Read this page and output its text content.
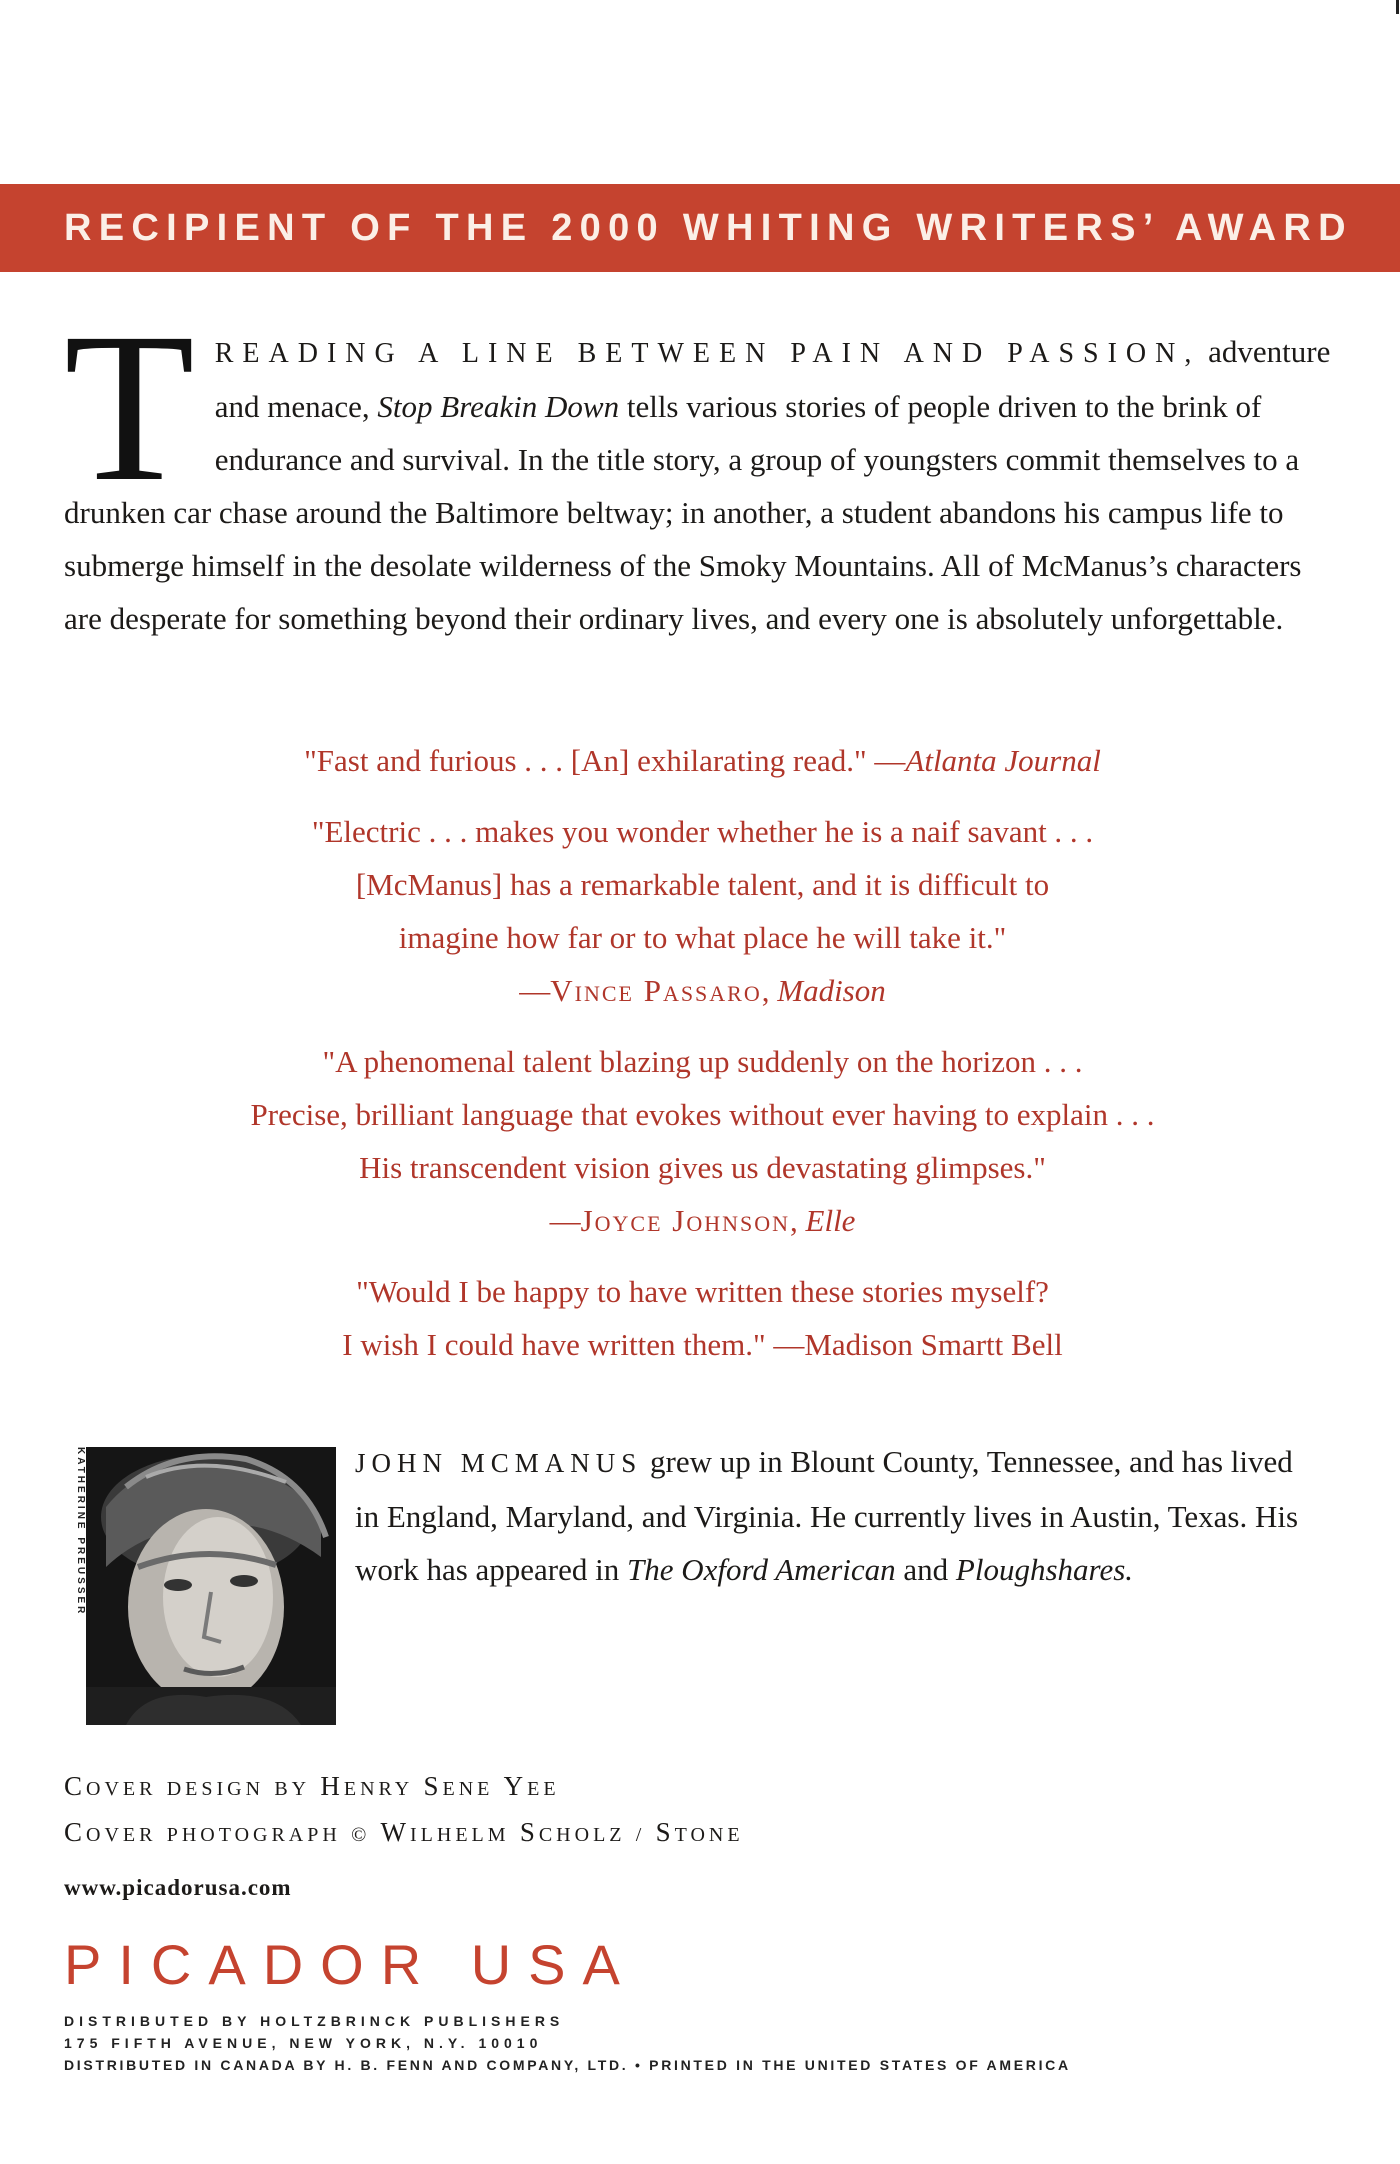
RECIPIENT OF THE 2000 WHITING WRITERS’ AWARD
TREADING A LINE BETWEEN PAIN AND PASSION, adventure and menace, Stop Breakin Down tells various stories of people driven to the brink of endurance and survival. In the title story, a group of youngsters commit themselves to a drunken car chase around the Baltimore beltway; in another, a student abandons his campus life to submerge himself in the desolate wilderness of the Smoky Mountains. All of McManus’s characters are desperate for something beyond their ordinary lives, and every one is absolutely unforgettable.

"Fast and furious . . . [An] exhilarating read." —Atlanta Journal

"Electric . . . makes you wonder whether he is a naif savant . . .

[McManus] has a remarkable talent, and it is difficult to

imagine how far or to what place he will take it."

—Vince Passaro, Madison

"A phenomenal talent blazing up suddenly on the horizon . . .

Precise, brilliant language that evokes without ever having to explain . . .

His transcendent vision gives us devastating glimpses."

—Joyce Johnson, Elle

"Would I be happy to have written these stories myself?

I wish I could have written them." —Madison Smartt Bell

KATHERINE PREUSSER	JOHN MCMANUS grew up in Blount County, Tennessee, and has lived in England, Maryland, and Virginia. He currently lives in Austin, Texas. His work has appeared in The Oxford American and Ploughshares.
COVER DESIGN BY HENRY SENE YEE
COVER PHOTOGRAPH © WILHELM SCHOLZ / STONE
www.picadorusa.com
PICADOR USA
DISTRIBUTED BY HOLTZBRINCK PUBLISHERS
175 FIFTH AVENUE, NEW YORK, N.Y. 10010
DISTRIBUTED IN CANADA BY H. B. FENN AND COMPANY, LTD. • PRINTED IN THE UNITED STATES OF AMERICA
